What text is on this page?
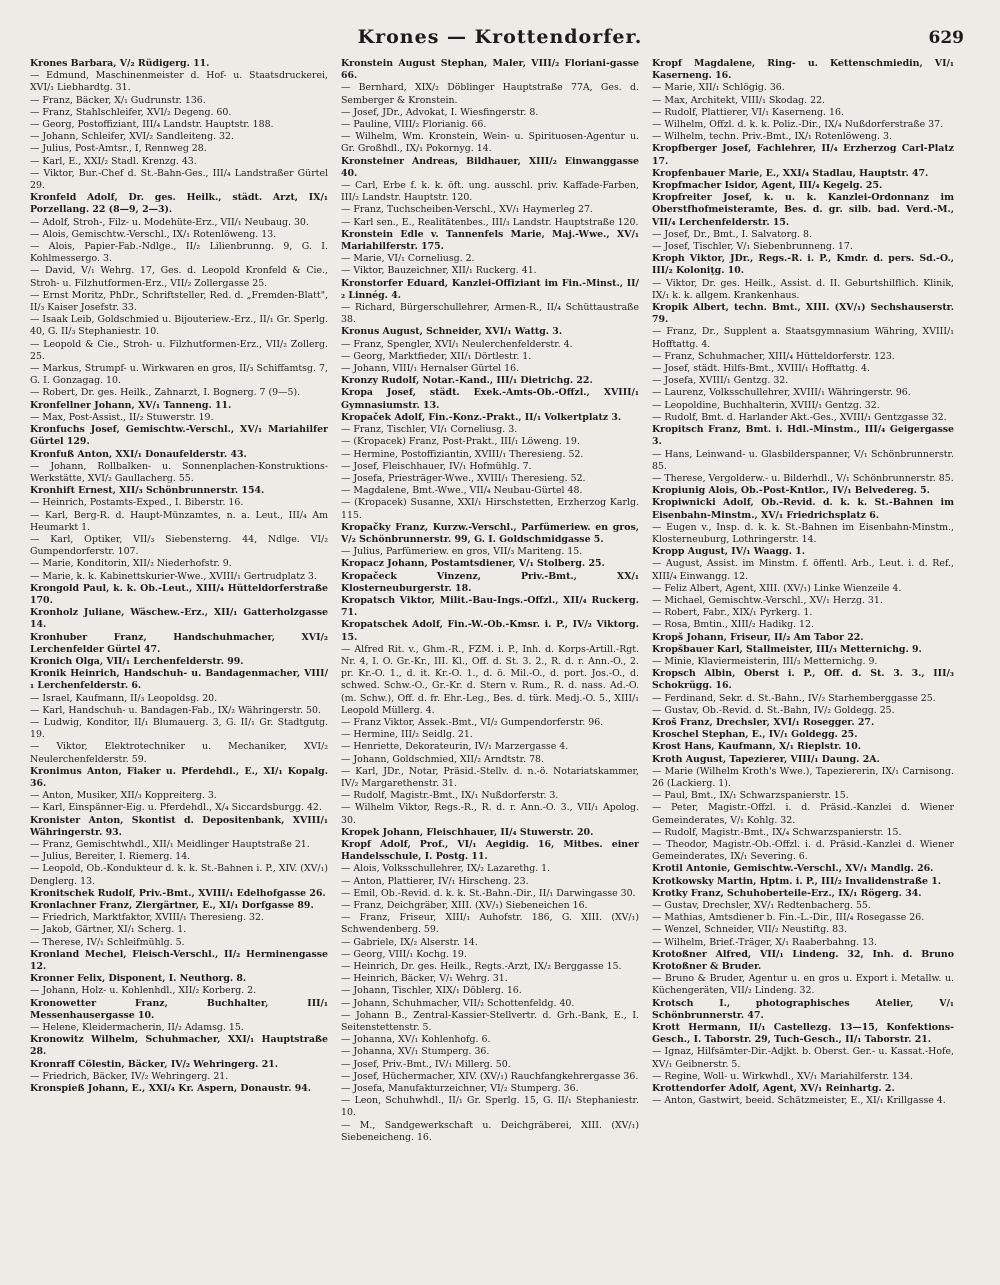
Krones — Krottendorfer.	629

Krones Barbara, V/₂ Rüdigerg. 11.

— Edmund, Maschinenmeister d. Hof- u. Staatsdruckerei, XVI/₁ Liebhardtg. 31.

— Franz, Bäcker, X/₁ Gudrunstr. 136.

— Franz, Stahlschleifer, XVI/₂ Degeng. 60.

— Georg, Postoffiziant, III/₄ Landstr. Hauptstr. 188.

— Johann, Schleifer, XVI/₂ Sandleiteng. 32.

— Julius, Post-Amtsr., I, Rennweg 28.

— Karl, E., XXI/₂ Stadl. Krenzg. 43.

— Viktor, Bur.-Chef d. St.-Bahn-Ges., III/₄ Landstraßer Gürtel 29.

Kronfeld Adolf, Dr. ges. Heilk., städt. Arzt, IX/₁ Porzellang. 22 (8—9, 2—3).

— Adolf, Stroh-, Filz- u. Modehüte-Erz., VII/₁ Neubaug. 30.

— Alois, Gemischtw.-Verschl., IX/₁ Rotenlöweng. 13.

— Alois, Papier-Fab.-Ndlge., II/₂ Lilienbrunng. 9, G. I. Kohlmessergo. 3.

— David, V/₁ Wehrg. 17, Ges. d. Leopold Kronfeld & Cie., Stroh- u. Filzhutformen-Erz., VII/₂ Zollergasse 25.

— Ernst Moritz, PhDr., Schriftsteller, Red. d. „Fremden-Blatt", II/₃ Kaiser Josefstr. 33.

— Isaak Leib, Goldschmied u. Bijouteriew.-Erz., II/₁ Gr. Sperlg. 40, G. II/₃ Stephaniestr. 10.

— Leopold & Cie., Stroh- u. Filzhutformen-Erz., VII/₂ Zollerg. 25.

— Markus, Strumpf- u. Wirkwaren en gros, II/₃ Schiffamtsg. 7, G. I. Gonzagag. 10.

— Robert, Dr. ges. Heilk., Zahnarzt, I. Bognerg. 7 (9—5).

Kronfellner Johann, XV/₁ Tanneng. 11.

— Max, Post-Assist., II/₂ Stuwerstr. 19.

Kronfuchs Josef, Gemischtw.-Verschl., XV/₁ Mariahilfer Gürtel 129.

Kronfuß Anton, XXI/₁ Donaufelderstr. 43.

— Johann, Rollbalken- u. Sonnenplachen-Konstruktions-Werkstätte, XVI/₂ Gaullacherg. 55.

Kronhift Ernest, XII/₃ Schönbrunnerstr. 154.

— Heinrich, Postamts-Exped., I. Biberstr. 16.

— Karl, Berg-R. d. Haupt-Münzamtes, n. a. Leut., III/₄ Am Heumarkt 1.

— Karl, Optiker, VII/₃ Siebensterng. 44, Ndlge. VI/₂ Gumpendorferstr. 107.

— Marie, Konditorin, XII/₂ Niederhofstr. 9.

— Marie, k. k. Kabinettskurier-Wwe., XVIII/₁ Gertrudplatz 3.

Krongold Paul, k. k. Ob.-Leut., XIII/₄ Hütteldorferstraße 170.

Kronholz Juliane, Wäschew.-Erz., XII/₁ Gatterholzgasse 14.

Kronhuber Franz, Handschuhmacher, XVI/₂ Lerchenfelder Gürtel 47.

Kronich Olga, VII/₁ Lerchenfelderstr. 99.

Kronik Heinrich, Handschuh- u. Bandagenmacher, VIII/₁ Lerchenfelderstr. 6.

— Israel, Kaufmann, II/₃ Leopoldsg. 20.

— Karl, Handschuh- u. Bandagen-Fab., IX/₂ Währingerstr. 50.

— Ludwig, Konditor, II/₁ Blumauerg. 3, G. II/₁ Gr. Stadtgutg. 19.

— Viktor, Elektrotechniker u. Mechaniker, XVI/₂ Neulerchenfelderstr. 59.

Kronimus Anton, Fiaker u. Pferdehdl., E., XI/₁ Kopalg. 36.

— Anton, Musiker, XII/₃ Koppreiterg. 3.

— Karl, Einspänner-Eig. u. Pferdehdl., X/₄ Siccardsburgg. 42.

Kronister Anton, Skontist d. Depositenbank, XVIII/₁ Währingerstr. 93.

— Franz, Gemischtwhdl., XII/₁ Meidlinger Hauptstraße 21.

— Julius, Bereiter, I. Riemerg. 14.

— Leopold, Ob.-Konduktеur d. k. k. St.-Bahnen i. P., XIV. (XV/₁) Denglerg. 13.

Kronitschek Rudolf, Priv.-Bmt., XVIII/₁ Edelhofgasse 26.

Kronlachner Franz, Ziergärtner, E., XI/₁ Dorfgasse 89.

— Friedrich, Marktfaktor, XVIII/₁ Theresieng. 32.

— Jakob, Gärtner, XI/₁ Scherg. 1.

— Therese, IV/₁ Schleifmühlg. 5.

Kronland Mechel, Fleisch-Verschl., II/₂ Herminengasse 12.

Kronner Felix, Disponent, I. Neuthorg. 8.

— Johann, Holz- u. Kohlenhdl., XII/₂ Korberg. 2.

Kronowetter Franz, Buchhalter, III/₁ Messenhausergasse 10.

— Helene, Kleidermacherin, II/₂ Adamsg. 15.

Kronowitz Wilhelm, Schuhmacher, XXI/₁ Hauptstraße 28.

Kronraff Cölestin, Bäcker, IV/₂ Wehringerg. 21.

— Friedrich, Bäcker, IV/₂ Wehringerg. 21.

Kronspieß Johann, E., XXI/₄ Kr. Aspern, Donaustr. 94.

Kronstein August Stephan, Maler, VIII/₂ Floriani-gasse 66.

— Bernhard, XIX/₂ Döblinger Hauptstraße 77A, Ges. d. Semberger & Kronstein.

— Josef, JDr., Advokat, I. Wiesfingerstr. 8.

— Pauline, VIII/₂ Florianig. 66.

— Wilhelm, Wm. Kronstein, Wein- u. Spirituosen-Agentur u. Gr. Großhdl., IX/₁ Pokornyg. 14.

Kronsteiner Andreas, Bildhauer, XIII/₂ Einwanggasse 40.

— Carl, Erbe f. k. k. öft. ung. ausschl. priv. Kaffade-Farben, III/₂ Landstr. Hauptstr. 120.

— Franz, Tuchscheiben-Verschl., XV/₁ Haymerleg 27.

— Karl sen., E., Realitätenbes., III/₃ Landstr. Hauptstraße 120.

Kronstein Edle v. Tannenfels Marie, Maj.-Wwe., XV/₁ Mariahilferstr. 175.

— Marie, VI/₁ Corneliusg. 2.

— Viktor, Bauzeichner, XII/₁ Ruckerg. 41.

Kronstorfer Eduard, Kanzlei-Offiziant im Fin.-Minst., II/₂ Linnég. 4.

— Richard, Bürgerschullehrer, Armen-R., II/₄ Schüttaustraße 38.

Kronus August, Schneider, XVI/₁ Wattg. 3.

— Franz, Spengler, XVI/₁ Neulerchenfelderstr. 4.

— Georg, Marktfieder, XII/₁ Dörtlestr. 1.

— Johann, VIII/₁ Hernalser Gürtel 16.

Kronzy Rudolf, Notar.-Kand., III/₁ Dietrichg. 22.

Kropa Josef, städt. Exek.-Amts-Ob.-Offzl., XVIII/₁ Gymnasiumstr. 13.

Kropaček Adolf, Fin.-Konz.-Prakt., II/₁ Volkertplatz 3.

— Franz, Tischler, VI/₁ Corneliusg. 3.

— (Kropacek) Franz, Post-Prakt., III/₁ Löweng. 19.

— Hermine, Postoffiziantin, XVIII/₁ Theresieng. 52.

— Josef, Fleischhauer, IV/₁ Hofmühlg. 7.

— Josefa, Priesträger-Wwe., XVIII/₁ Theresieng. 52.

— Magdalene, Bmt.-Wwe., VII/₄ Neubau-Gürtel 48.

— (Kropacek) Susanne, XXI/₁ Hirschstetten, Erzherzog Karlg. 115.

Kropačky Franz, Kurzw.-Verschl., Parfümeriew. en gros, V/₂ Schönbrunnerstr. 99, G. I. Goldschmidgasse 5.

— Julius, Parfümeriew. en gros, VII/₃ Mariteng. 15.

Kropacz Johann, Postamtsdiener, V/₁ Stolberg. 25.

Kropačeck Vinzenz, Priv.-Bmt., XX/₁ Klosterneuburgerstr. 18.

Kropatsch Viktor, Milit.-Bau-Ings.-Offzl., XII/₄ Ruckerg. 71.

Kropatschek Adolf, Fin.-W.-Ob.-Kmsr. i. P., IV/₂ Viktorg. 15.

— Alfred Rit. v., Ghm.-R., FZM. i. P., Inh. d. Korps-Artill.-Rgt. Nr. 4, I. O. Gr.-Kr., III. Kl., Off. d. St. 3. 2., R. d. r. Ann.-O., 2. pr. Kr.-O. 1., d. it. Kr.-O. 1., d. ö. Mil.-O., d. port. Jos.-O., d. schwed. Schw.-O., Gr.-Kr. d. Stern v. Rum., R. d. nass. Ad.-O. (m. Schw.), Off. d. fr. Ehr.-Leg., Bes. d. türk. Medj.-O. 5., XIII/₁ Leopold Müllerg. 4.

— Franz Viktor, Assek.-Bmt., VI/₂ Gumpendorferstr. 96.

— Hermine, III/₂ Seidlg. 21.

— Henriette, Dekorateurin, IV/₁ Marzergasse 4.

— Johann, Goldschmied, XII/₂ Arndtstr. 78.

— Karl, JDr., Notar, Präsid.-Stellv. d. n.-ö. Notariatskammer, IV/₂ Margarethenstr. 31.

— Rudolf, Magistr.-Bmt., IX/₁ Nußdorferstr. 3.

— Wilhelm Viktor, Regs.-R., R. d. r. Ann.-O. 3., VII/₁ Apolog. 30.

Kropek Johann, Fleischhauer, II/₄ Stuwerstr. 20.

Kropf Adolf, Prof., VI/₁ Aegidig. 16, Mitbes. einer Handelsschule, I. Postg. 11.

— Alois, Volksschullehrer, IX/₂ Lazarethg. 1.

— Anton, Plattierer, IV/₁ Hirscheng. 23.

— Emil, Ob.-Revid. d. k. k. St.-Bahn.-Dir., II/₁ Darwingasse 30.

— Franz, Deichgräber, XIII. (XV/₁) Siebeneichen 16.

— Franz, Friseur, XIII/₁ Auhofstr. 186, G. XIII. (XV/₁) Schwendenberg. 59.

— Gabriele, IX/₂ Alserstr. 14.

— Georg, VIII/₁ Kochg. 19.

— Heinrich, Dr. ges. Heilk., Regts.-Arzt, IX/₂ Berggasse 15.

— Heinrich, Bäcker, V/₁ Wehrg. 31.

— Johann, Tischler, XIX/₁ Döblerg. 16.

— Johann, Schuhmacher, VII/₂ Schottenfeldg. 40.

— Johann B., Zentral-Kassier-Stellvertr. d. Grh.-Bank, E., I. Seitenstettenstr. 5.

— Johanna, XV/₁ Kohlenhofg. 6.

— Johanna, XV/₁ Stumperg. 36.

— Josef, Priv.-Bmt., IV/₁ Millerg. 50.

— Josef, Hüchermacher, XIV. (XV/₁) Rauchfangkehrergasse 36.

— Josefa, Manufakturzeichner, VI/₂ Stumperg. 36.

— Leon, Schuhwhdl., II/₁ Gr. Sperlg. 15, G. II/₁ Stephaniestr. 10.

— M., Sandgewerkschaft u. Deichgräberei, XIII. (XV/₁) Siebeneicheng. 16.

Kropf Magdalene, Ring- u. Kettenschmiedin, VI/₁ Kaserneng. 16.

— Marie, XII/₁ Schlögig. 36.

— Max, Architekt, VIII/₁ Skodag. 22.

— Rudolf, Plattierer, VI/₁ Kaserneng. 16.

— Wilhelm, Offzl. d. k. k. Poliz.-Dir., IX/₄ Nußdorferstraße 37.

— Wilhelm, techn. Priv.-Bmt., IX/₁ Rotenlöweng. 3.

Kropfberger Josef, Fachlehrer, II/₄ Erzherzog Carl-Platz 17.

Kropfenbauer Marie, E., XXI/₄ Stadlau, Hauptstr. 47.

Kropfmacher Isidor, Agent, III/₄ Kegelg. 25.

Kropfreiter Josef, k. u. k. Kanzlei-Ordonnanz im Oberstfhofmeisteramte, Bes. d. gr. silb. bad. Verd.-M., VII/₄ Lerchenfelderstr. 15.

— Josef, Dr., Bmt., I. Salvatorg. 8.

— Josef, Tischler, V/₁ Siebenbrunneng. 17.

Kroph Viktor, JDr., Regs.-R. i. P., Kmdr. d. pers. Sd.-O., III/₂ Koloniţg. 10.

— Viktor, Dr. ges. Heilk., Assist. d. II. Geburtshilflich. Klinik, IX/₁ k. k. allgem. Krankenhaus.

Kropik Albert, techn. Bmt., XIII. (XV/₁) Sechshauserstr. 79.

— Franz, Dr., Supplent a. Staatsgymnasium Währing, XVIII/₁ Hofftattg. 4.

— Franz, Schuhmacher, XIII/₄ Hütteldorferstr. 123.

— Josef, städt. Hilfs-Bmt., XVIII/₁ Hofftattg. 4.

— Josefa, XVIII/₁ Gentzg. 32.

— Laurenz, Volksschullehrer, XVIII/₁ Währingerstr. 96.

— Leopoldine, Buchhalterin, XVIII/₁ Gentzg. 32.

— Rudolf, Bmt. d. Harlander Akt.-Ges., XVIII/₁ Gentzgasse 32.

Kropitsch Franz, Bmt. i. Hdl.-Minstm., III/₄ Geigergasse 3.

— Hans, Leinwand- u. Glasbilderspanner, V/₁ Schönbrunnerstr. 85.

— Therese, Vergolderw.- u. Bilderhdl., V/₁ Schönbrunnerstr. 85.

Kropiunig Alois, Ob.-Post-Kntlor., IV/₁ Belvedereg. 5.

Kropiwnicki Adolf, Ob.-Revid. d. k. k. St.-Bahnen im Eisenbahn-Minstm., XV/₁ Friedrichsplatz 6.

— Eugen v., Insp. d. k. k. St.-Bahnen im Eisenbahn-Minstm., Klosterneuburg, Lothringerstr. 14.

Kropp August, IV/₁ Waagg. 1.

— August, Assist. im Minstm. f. öffentl. Arb., Leut. i. d. Ref., XIII/₄ Einwangg. 12.

— Feliz Albert, Agent, XIII. (XV/₁) Linke Wienzeile 4.

— Michael, Gemischtw.-Verschl., XV/₁ Herzg. 31.

— Robert, Fabr., XIX/₁ Pyrkerg. 1.

— Rosa, Bmtin., XIII/₂ Hadikg. 12.

Kropš Johann, Friseur, II/₂ Am Tabor 22.

Kropšbauer Karl, Stallmeister, III/₃ Metternichg. 9.

— Minie, Klaviermeisterin, III/₃ Metternichg. 9.

Kropsch Albin, Oberst i. P., Off. d. St. 3. 3., III/₃ Schokrügg. 16.

— Ferdinand, Sekr. d. St.-Bahn., IV/₂ Starhemberggasse 25.

— Gustav, Ob.-Revid. d. St.-Bahn, IV/₂ Goldegg. 25.

Kroš Franz, Drechsler, XVI/₁ Rosegger. 27.

Kroschel Stephan, E., IV/₁ Goldegg. 25.

Krost Hans, Kaufmann, X/₁ Rieplstr. 10.

Kroth August, Tapezierer, VIII/₁ Daung. 2A.

— Marie (Wilhelm Kroth's Wwe.), Tapeziererin, IX/₁ Carnisong. 26 (Lackierg. 1).

— Paul, Bmt., IX/₁ Schwarzspanierstr. 15.

— Peter, Magistr.-Offzl. i. d. Präsid.-Kanzlei d. Wiener Gemeinderates, V/₁ Kohlg. 32.

— Rudolf, Magistr.-Bmt., IX/₄ Schwarzspanierstr. 15.

— Theodor, Magistr.-Ob.-Offzl. i. d. Präsid.-Kanzlei d. Wiener Gemeinderates, IX/₁ Severing. 6.

Krotil Antonie, Gemischtw.-Verschl., XV/₁ Mandlg. 26.

Krotkowsky Martin, Hptm. i. P., III/₂ Invalidenstraße 1.

Krotky Franz, Schuhoberteile-Erz., IX/₁ Rögerg. 34.

— Gustav, Drechsler, XV/₁ Redtenbacherg. 55.

— Mathias, Amtsdiener b. Fin.-L.-Dir., III/₄ Rosegasse 26.

— Wenzel, Schneider, VII/₂ Neustiftg. 83.

— Wilhelm, Brief.-Träger, X/₁ Raaberbahng. 13.

Krotoßner Alfred, VII/₁ Lindeng. 32, Inh. d. Bruno Krotoßner & Bruder.

— Bruno & Bruder, Agentur u. en gros u. Export i. Metallw. u. Küchengeräten, VII/₂ Lindeng. 32.

Krotsch I., photographisches Atelier, V/₁ Schönbrunnerstr. 47.

Krott Hermann, II/₁ Castellezg. 13—15, Konfektions-Gesch., I. Taborstr. 29, Tuch-Gesch., II/₁ Taborstr. 21.

— Ignaz, Hilfsämter-Dir.-Adjkt. b. Oberst. Ger.- u. Kassat.-Hofe, XV/₁ Geibnerstr. 5.

— Regine, Woll- u. Wirkwhdl., XV/₁ Mariahilferstr. 134.

Krottendorfer Adolf, Agent, XV/₁ Reinhartg. 2.

— Anton, Gastwirt, beeid. Schätzmeister, E., XI/₁ Krillgasse 4.
